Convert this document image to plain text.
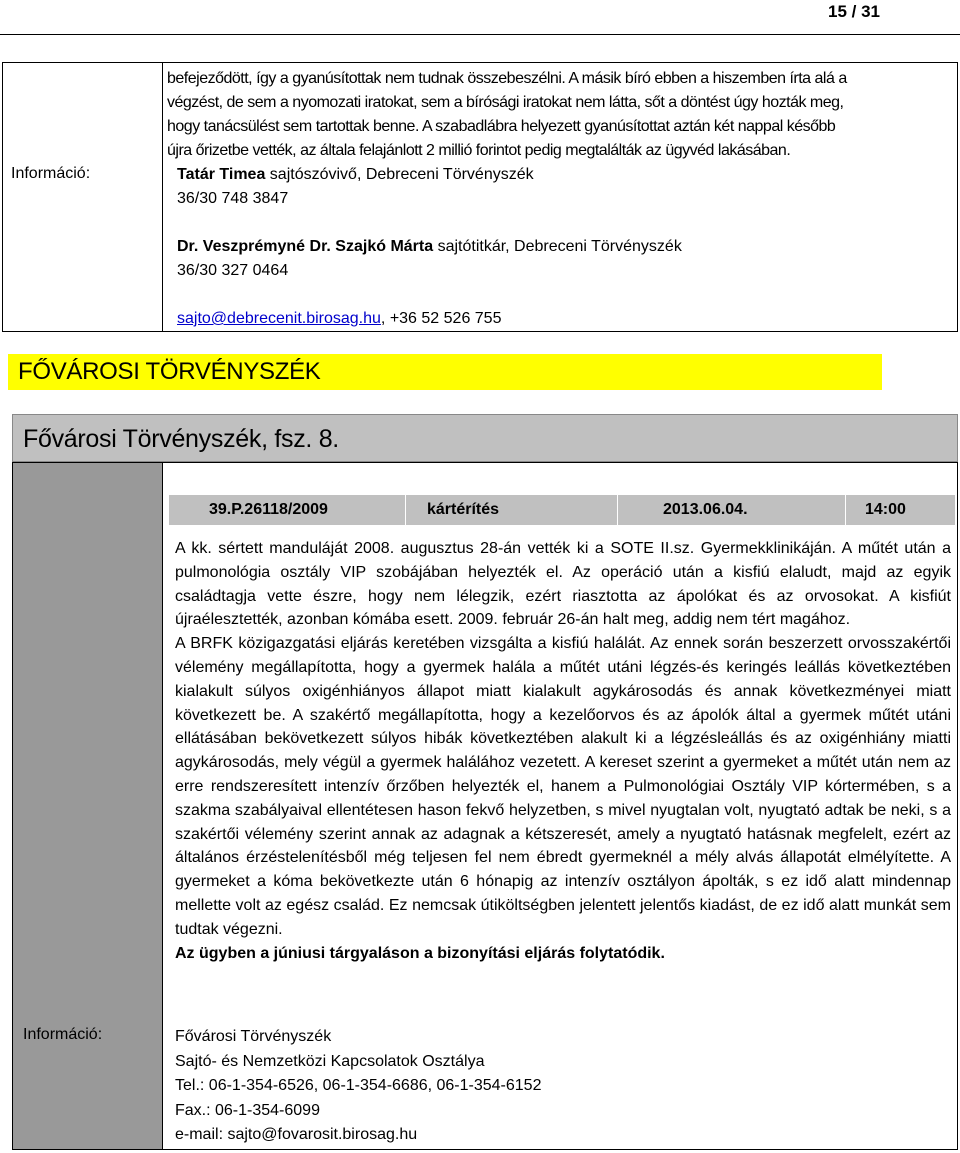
15 / 31
Információ:
befejeződött, így a gyanúsítottak nem tudnak összebeszélni. A másik bíró ebben a hiszemben írta alá a
végzést, de sem a nyomozati iratokat, sem a bírósági iratokat nem látta, sőt a döntést úgy hozták meg,
hogy tanácsülést sem tartottak benne. A szabadlábra helyezett gyanúsítottat aztán két nappal később
újra őrizetbe vették, az általa felajánlott 2 millió forintot pedig megtalálták az ügyvéd lakásában.
Tatár Timea sajtószóvivő, Debreceni Törvényszék
36/30 748 3847
Dr. Veszprémyné Dr. Szajkó Márta sajtótitkár, Debreceni Törvényszék
36/30 327 0464
sajto@debrecenit.birosag.hu, +36 52 526 755
FŐVÁROSI TÖRVÉNYSZÉK
Fővárosi Törvényszék, fsz. 8.
Információ:
39.P.26118/2009	kártérítés	2013.06.04.	14:00

A kk. sértett manduláját 2008. augusztus 28-án vették ki a SOTE II.sz. Gyermekklinikáján. A műtét után a pulmonológia osztály VIP szobájában helyezték el. Az operáció után a kisfiú elaludt, majd az egyik családtagja vette észre, hogy nem lélegzik, ezért riasztotta az ápolókat és az orvosokat. A kisfiút újraélesztették, azonban kómába esett. 2009. február 26-án halt meg, addig nem tért magához.

A BRFK közigazgatási eljárás keretében vizsgálta a kisfiú halálát. Az ennek során beszerzett orvosszakértői vélemény megállapította, hogy a gyermek halála a műtét utáni légzés-és keringés leállás következtében kialakult súlyos oxigénhiányos állapot miatt kialakult agykárosodás és annak következményei miatt következett be. A szakértő megállapította, hogy a kezelőorvos és az ápolók által a gyermek műtét utáni ellátásában bekövetkezett súlyos hibák következtében alakult ki a légzésleállás és az oxigénhiány miatti agykárosodás, mely végül a gyermek halálához vezetett. A kereset szerint a gyermeket a műtét után nem az erre rendszeresített intenzív őrzőben helyezték el, hanem a Pulmonológiai Osztály VIP kórtermében, s a szakma szabályaival ellentétesen hason fekvő helyzetben, s mivel nyugtalan volt, nyugtató adtak be neki, s a szakértői vélemény szerint annak az adagnak a kétszeresét, amely a nyugtató hatásnak megfelelt, ezért az általános érzéstelenítésből még teljesen fel nem ébredt gyermeknél a mély alvás állapotát elmélyítette. A gyermeket a kóma bekövetkezte után 6 hónapig az intenzív osztályon ápolták, s ez idő alatt mindennap mellette volt az egész család. Ez nemcsak útiköltségben jelentett jelentős kiadást, de ez idő alatt munkát sem tudtak végezni.

Az ügyben a júniusi tárgyaláson a bizonyítási eljárás folytatódik.

Fővárosi Törvényszék
Sajtó- és Nemzetközi Kapcsolatok Osztálya
Tel.: 06-1-354-6526, 06-1-354-6686, 06-1-354-6152
Fax.: 06-1-354-6099
e-mail: sajto@fovarosit.birosag.hu
